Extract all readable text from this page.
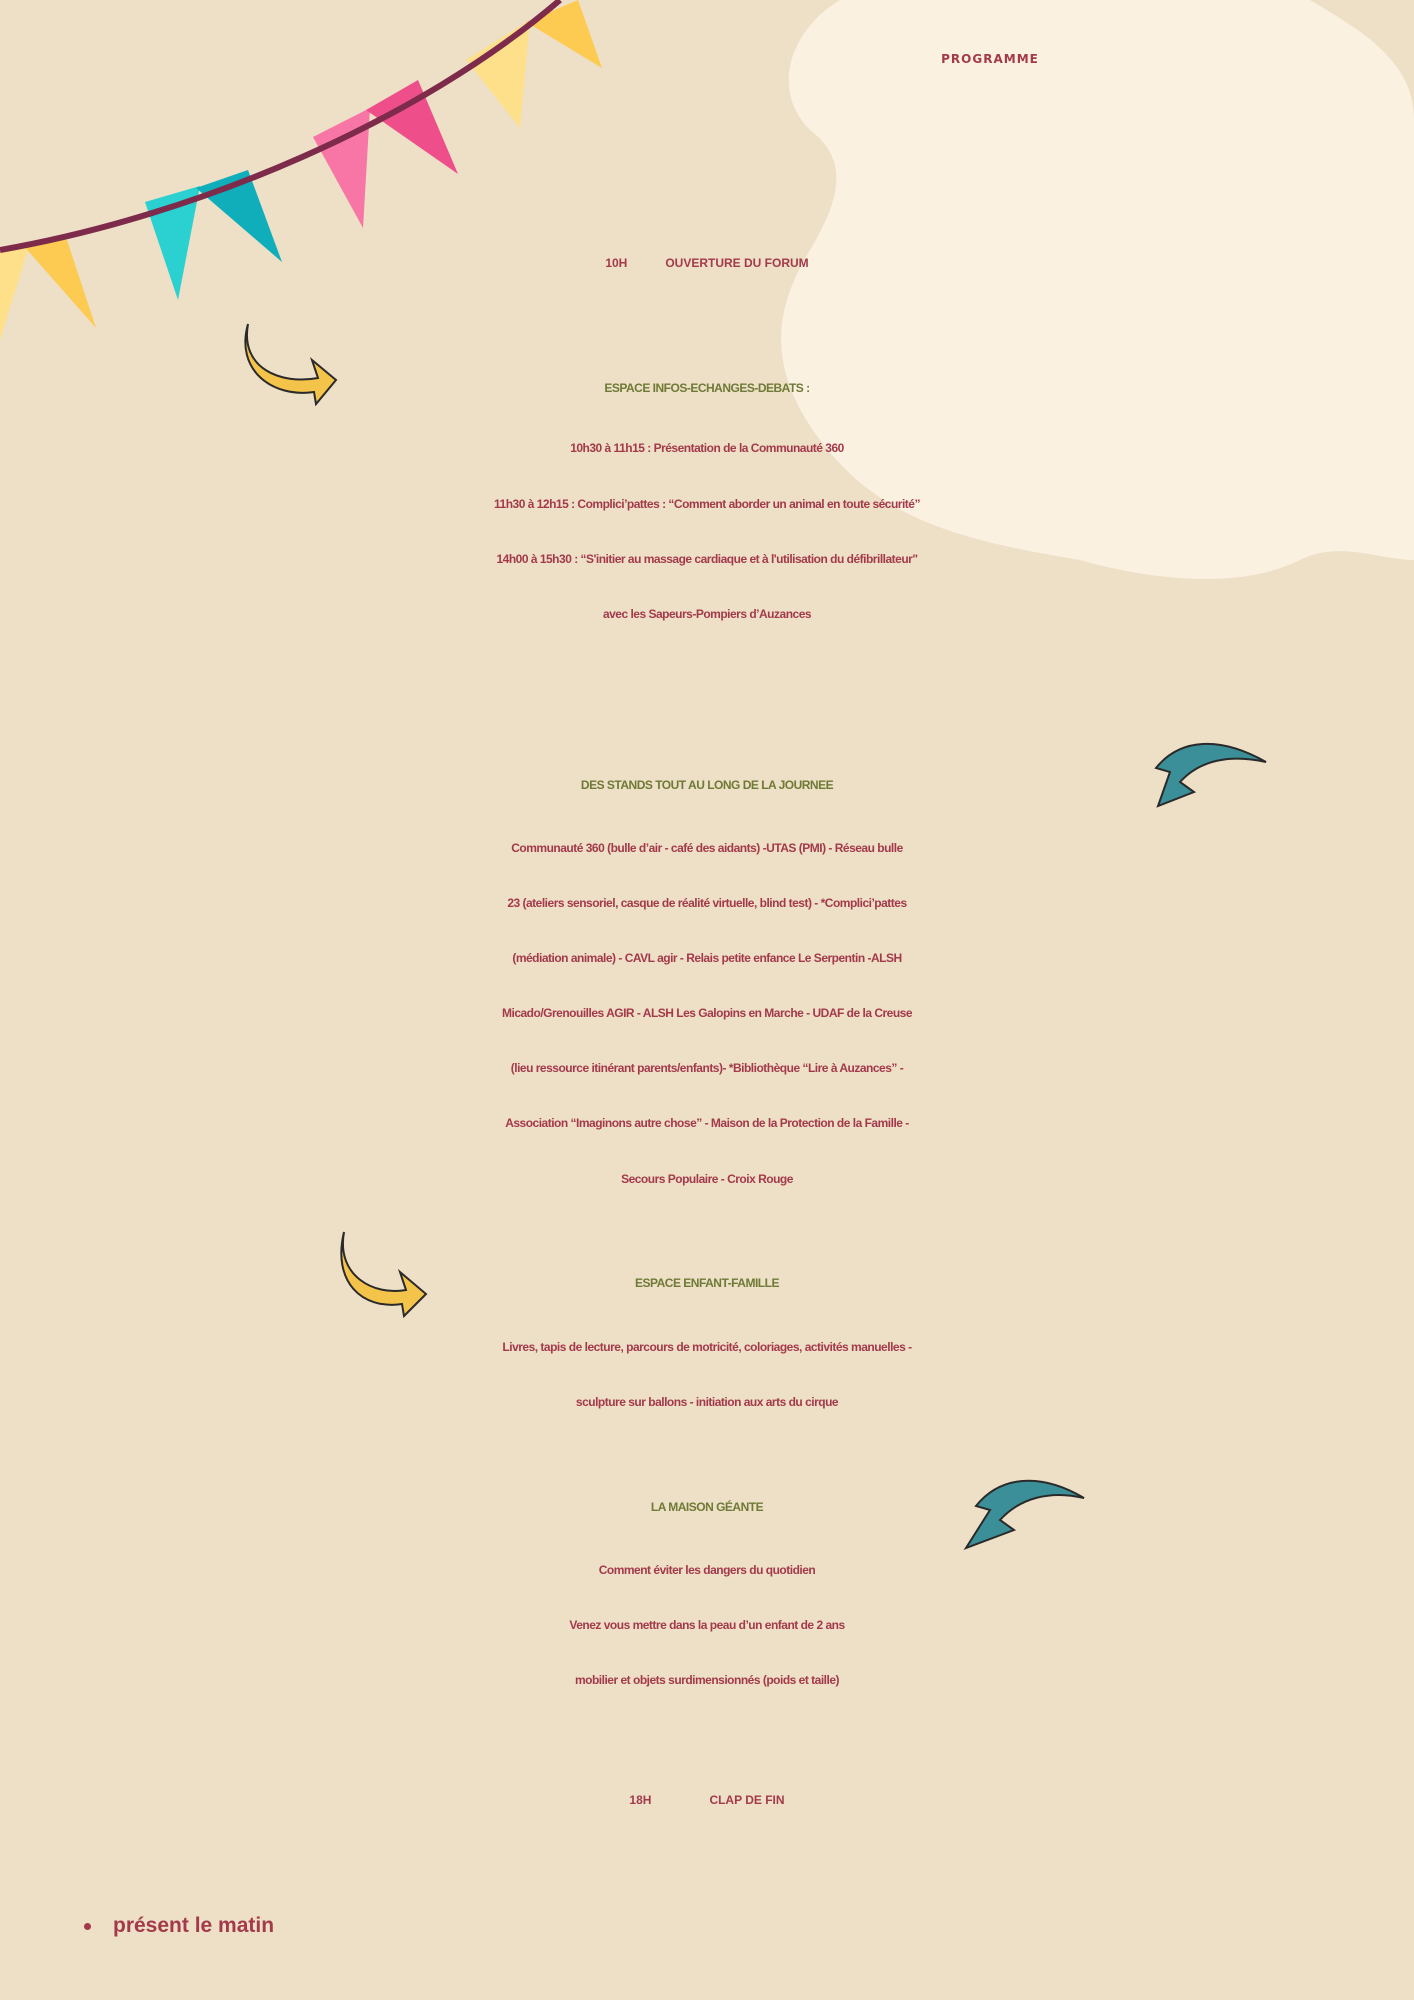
PROGRAMME

10H	OUVERTURE DU FORUM

ESPACE INFOS-ECHANGES-DEBATS :

10h30 à 11h15 : Présentation de la Communauté 360

11h30 à 12h15 : Complici’pattes : “Comment aborder un animal en toute sécurité”

14h00 à 15h30 : “S'initier au massage cardiaque et à l'utilisation du défibrillateur"

avec les Sapeurs-Pompiers d’Auzances

DES STANDS TOUT AU LONG DE LA JOURNEE

Communauté 360 (bulle d’air - café des aidants) -UTAS (PMI) - Réseau bulle

23 (ateliers sensoriel, casque de réalité virtuelle, blind test) - *Complici’pattes

(médiation animale) - CAVL agir - Relais petite enfance Le Serpentin -ALSH

Micado/Grenouilles AGIR - ALSH Les Galopins en Marche - UDAF de la Creuse

(lieu ressource itinérant parents/enfants)- *Bibliothèque “Lire à Auzances” -

Association “Imaginons autre chose” - Maison de la Protection de la Famille -

Secours Populaire - Croix Rouge

ESPACE ENFANT-FAMILLE

Livres, tapis de lecture, parcours de motricité, coloriages, activités manuelles -

sculpture sur ballons - initiation aux arts du cirque

LA MAISON GÉANTE

Comment éviter les dangers du quotidien

Venez vous mettre dans la peau d’un enfant de 2 ans

mobilier et objets surdimensionnés (poids et taille)

18H	CLAP DE FIN

présent le matin
